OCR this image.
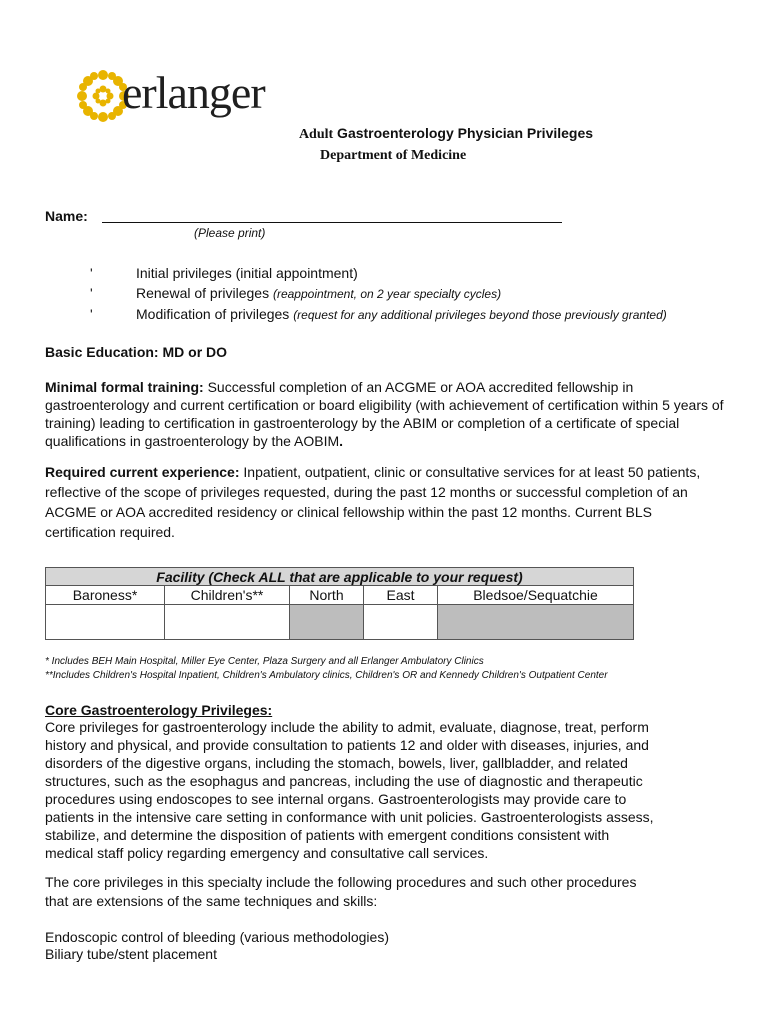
erlanger
Adult Gastroenterology Physician Privileges
Department of Medicine
Name:
(Please print)
'	Initial privileges (initial appointment)
'	Renewal of privileges (reappointment, on 2 year specialty cycles)
'	Modification of privileges (request for any additional privileges beyond those previously granted)
Basic Education: MD or DO
Minimal formal training: Successful completion of an ACGME or AOA accredited fellowship in gastroenterology and current certification or board eligibility (with achievement of certification within 5 years of training) leading to certification in gastroenterology by the ABIM or completion of a certificate of special qualifications in gastroenterology by the AOBIM.
Required current experience: Inpatient, outpatient, clinic or consultative services for at least 50 patients, reflective of the scope of privileges requested, during the past 12 months or successful completion of an ACGME or AOA accredited residency or clinical fellowship within the past 12 months. Current BLS certification required.
Facility (Check ALL that are applicable to your request)				
Baroness*	Children's**	North	East	Bledsoe/Sequatchie

* Includes BEH Main Hospital, Miller Eye Center, Plaza Surgery and all Erlanger Ambulatory Clinics
**Includes Children's Hospital Inpatient, Children's Ambulatory clinics, Children's OR and Kennedy Children's Outpatient Center
Core Gastroenterology Privileges:
Core privileges for gastroenterology include the ability to admit, evaluate, diagnose, treat, perform
history and physical, and provide consultation to patients 12 and older with diseases, injuries, and
disorders of the digestive organs, including the stomach, bowels, liver, gallbladder, and related
structures, such as the esophagus and pancreas, including the use of diagnostic and therapeutic
procedures using endoscopes to see internal organs. Gastroenterologists may provide care to
patients in the intensive care setting in conformance with unit policies. Gastroenterologists assess,
stabilize, and determine the disposition of patients with emergent conditions consistent with
medical staff policy regarding emergency and consultative call services.
The core privileges in this specialty include the following procedures and such other procedures
that are extensions of the same techniques and skills:
Endoscopic control of bleeding (various methodologies)
Biliary tube/stent placement
